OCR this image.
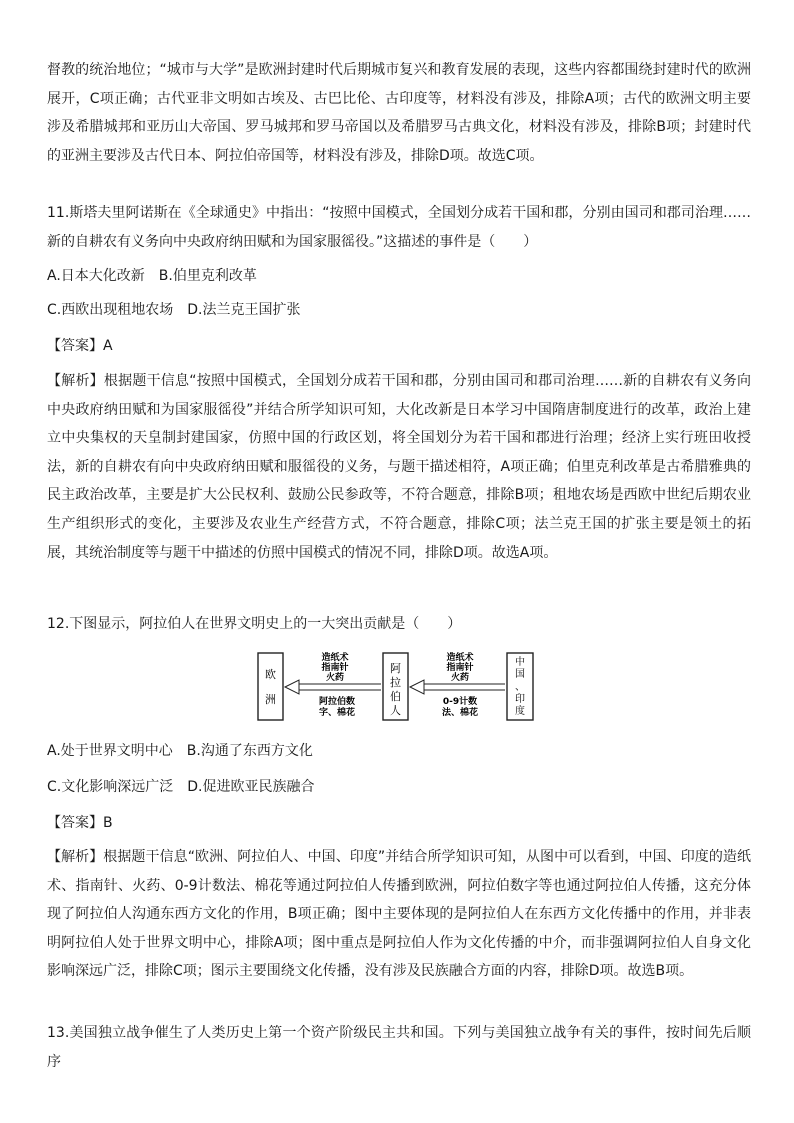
督教的统治地位；“城市与大学”是欧洲封建时代后期城市复兴和教育发展的表现，这些内容都围绕封建时代的欧洲展开，C项正确；古代亚非文明如古埃及、古巴比伦、古印度等，材料没有涉及，排除A项；古代的欧洲文明主要涉及希腊城邦和亚历山大帝国、罗马城邦和罗马帝国以及希腊罗马古典文化，材料没有涉及，排除B项；封建时代的亚洲主要涉及古代日本、阿拉伯帝国等，材料没有涉及，排除D项。故选C项。

11.斯塔夫里阿诺斯在《全球通史》中指出：“按照中国模式，全国划分成若干国和郡，分别由国司和郡司治理……新的自耕农有义务向中央政府纳田赋和为国家服徭役。”这描述的事件是（　　）

A.日本大化改新　B.伯里克利改革

C.西欧出现租地农场　D.法兰克王国扩张

【答案】A

【解析】根据题干信息“按照中国模式，全国划分成若干国和郡，分别由国司和郡司治理……新的自耕农有义务向中央政府纳田赋和为国家服徭役”并结合所学知识可知，大化改新是日本学习中国隋唐制度进行的改革，政治上建立中央集权的天皇制封建国家，仿照中国的行政区划，将全国划分为若干国和郡进行治理；经济上实行班田收授法，新的自耕农有向中央政府纳田赋和服徭役的义务，与题干描述相符，A项正确；伯里克利改革是古希腊雅典的民主政治改革，主要是扩大公民权利、鼓励公民参政等，不符合题意，排除B项；租地农场是西欧中世纪后期农业生产组织形式的变化，主要涉及农业生产经营方式，不符合题意，排除C项；法兰克王国的扩张主要是领土的拓展，其统治制度等与题干中描述的仿照中国模式的情况不同，排除D项。故选A项。

12.下图显示，阿拉伯人在世界文明史上的一大突出贡献是（　　）

欧
洲
阿
拉
伯
人
中
国
、
印
度
造纸术
指南针
火药
阿拉伯数
字、棉花
造纸术
指南针
火药
0-9计数
法、棉花

A.处于世界文明中心　B.沟通了东西方文化

C.文化影响深远广泛　D.促进欧亚民族融合

【答案】B

【解析】根据题干信息“欧洲、阿拉伯人、中国、印度”并结合所学知识可知，从图中可以看到，中国、印度的造纸术、指南针、火药、0-9计数法、棉花等通过阿拉伯人传播到欧洲，阿拉伯数字等也通过阿拉伯人传播，这充分体现了阿拉伯人沟通东西方文化的作用，B项正确；图中主要体现的是阿拉伯人在东西方文化传播中的作用，并非表明阿拉伯人处于世界文明中心，排除A项；图中重点是阿拉伯人作为文化传播的中介，而非强调阿拉伯人自身文化影响深远广泛，排除C项；图示主要围绕文化传播，没有涉及民族融合方面的内容，排除D项。故选B项。

13.美国独立战争催生了人类历史上第一个资产阶级民主共和国。下列与美国独立战争有关的事件，按时间先后顺序
